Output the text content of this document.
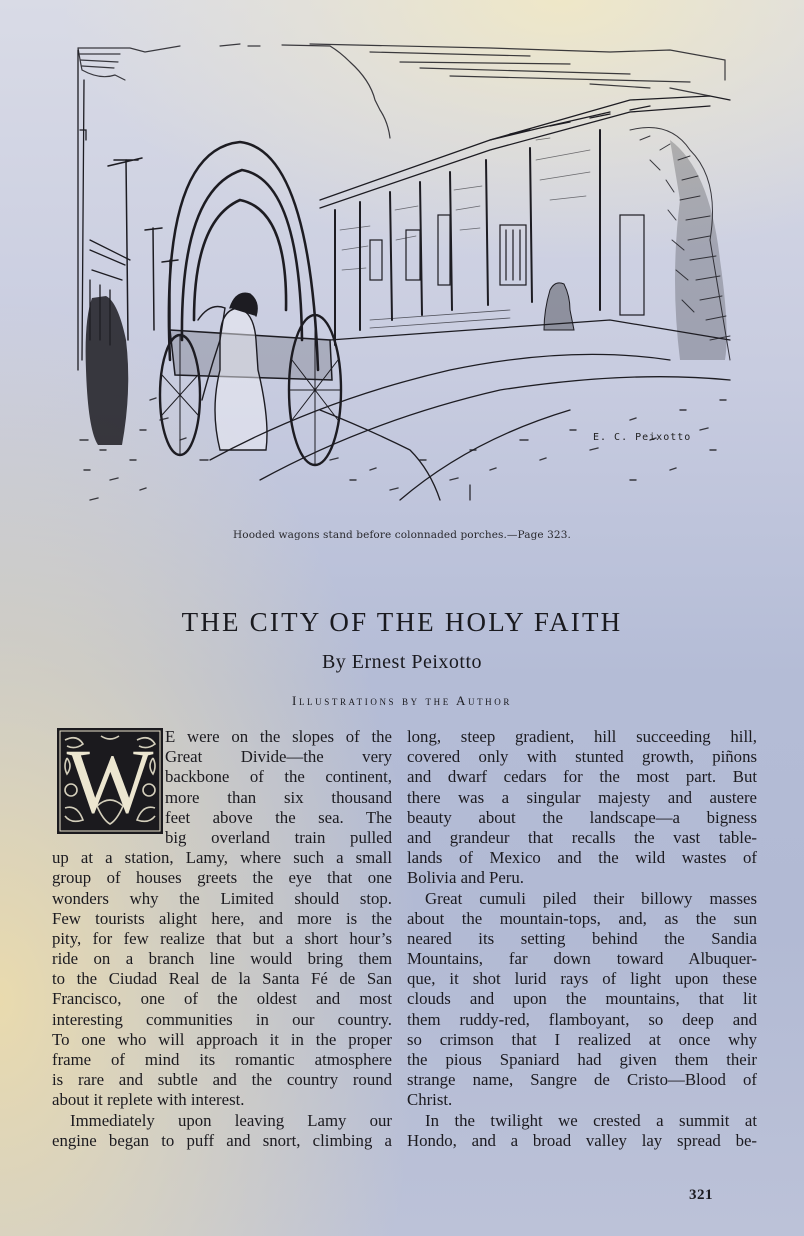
E. C. Peixotto
Hooded wagons stand before colonnaded porches.—Page 323.
THE CITY OF THE HOLY FAITH
By Ernest Peixotto
Illustrations by the Author
W E were on the slopes of the
Great Divide—the very
backbone of the continent,
more than six thousand
feet above the sea. The
big overland train pulled
up at a station, Lamy, where such a small
group of houses greets the eye that one
wonders why the Limited should stop.
Few tourists alight here, and more is the
pity, for few realize that but a short hour’s
ride on a branch line would bring them
to the Ciudad Real de la Santa Fé de San
Francisco, one of the oldest and most
interesting communities in our country.
To one who will approach it in the proper
frame of mind its romantic atmosphere
is rare and subtle and the country round
about it replete with interest.
Immediately upon leaving Lamy our
engine began to puff and snort, climbing a
long, steep gradient, hill succeeding hill,
covered only with stunted growth, piñons
and dwarf cedars for the most part. But
there was a singular majesty and austere
beauty about the landscape—a bigness
and grandeur that recalls the vast table-
lands of Mexico and the wild wastes of
Bolivia and Peru.
Great cumuli piled their billowy masses
about the mountain-tops, and, as the sun
neared its setting behind the Sandia
Mountains, far down toward Albuquer-
que, it shot lurid rays of light upon these
clouds and upon the mountains, that lit
them ruddy-red, flamboyant, so deep and
so crimson that I realized at once why
the pious Spaniard had given them their
strange name, Sangre de Cristo—Blood of
Christ.
In the twilight we crested a summit at
Hondo, and a broad valley lay spread be-
321
